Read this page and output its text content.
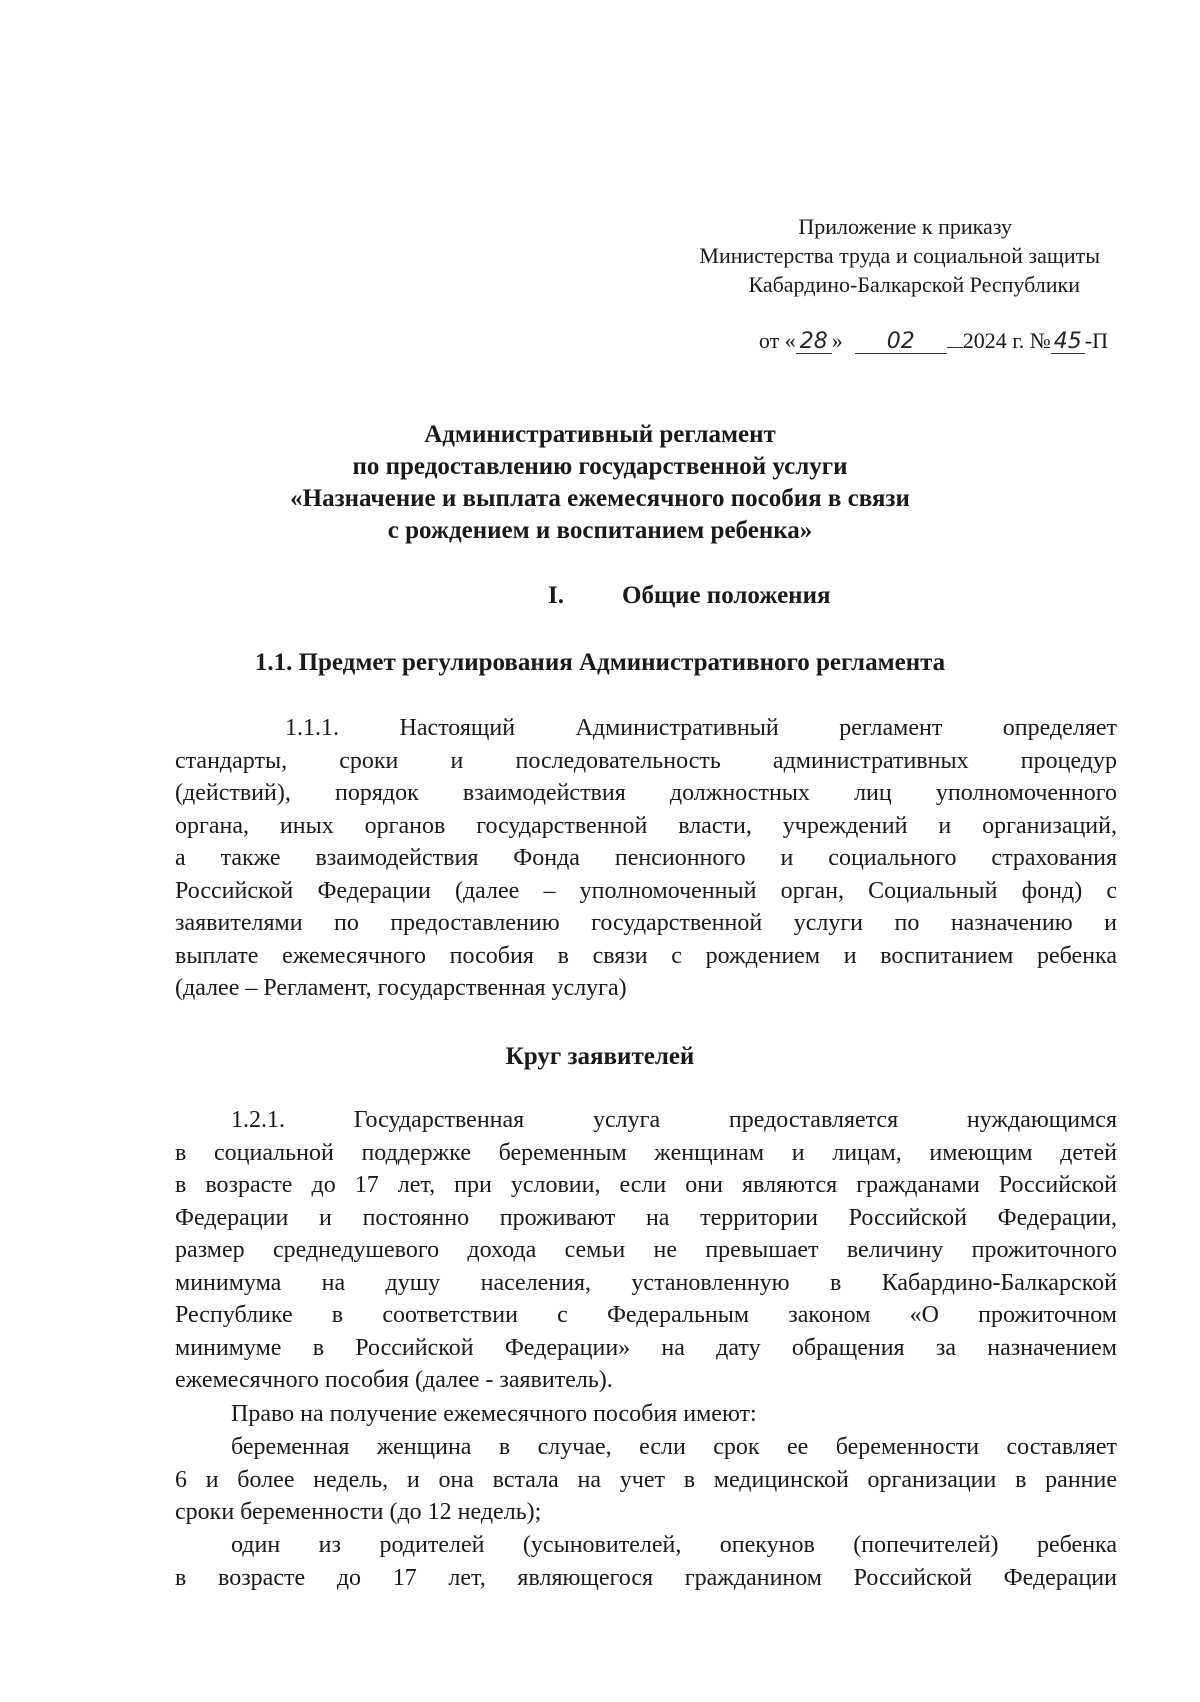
Приложение к приказу
Министерства труда и социальной защиты
Кабардино-Балкарской Республики
от « 28 » 02 2024 г. № 45 -П
Административный регламент
по предоставлению государственной услуги
«Назначение и выплата ежемесячного пособия в связи
с рождением и воспитанием ребенка»
I. Общие положения
1.1. Предмет регулирования Административного регламента
1.1.1. Настоящий Административный регламент определяет
стандарты, сроки и последовательность административных процедур
(действий), порядок взаимодействия должностных лиц уполномоченного
органа, иных органов государственной власти, учреждений и организаций,
а также взаимодействия Фонда пенсионного и социального страхования
Российской Федерации (далее – уполномоченный орган, Социальный фонд) с
заявителями по предоставлению государственной услуги по назначению и
выплате ежемесячного пособия в связи с рождением и воспитанием ребенка
(далее – Регламент, государственная услуга)
Круг заявителей
1.2.1. Государственная услуга предоставляется нуждающимся
в социальной поддержке беременным женщинам и лицам, имеющим детей
в возрасте до 17 лет, при условии, если они являются гражданами Российской
Федерации и постоянно проживают на территории Российской Федерации,
размер среднедушевого дохода семьи не превышает величину прожиточного
минимума на душу населения, установленную в Кабардино-Балкарской
Республике в соответствии с Федеральным законом «О прожиточном
минимуме в Российской Федерации» на дату обращения за назначением
ежемесячного пособия (далее - заявитель).
Право на получение ежемесячного пособия имеют:
беременная женщина в случае, если срок ее беременности составляет
6 и более недель, и она встала на учет в медицинской организации в ранние
сроки беременности (до 12 недель);
один из родителей (усыновителей, опекунов (попечителей) ребенка
в возрасте до 17 лет, являющегося гражданином Российской Федерации
